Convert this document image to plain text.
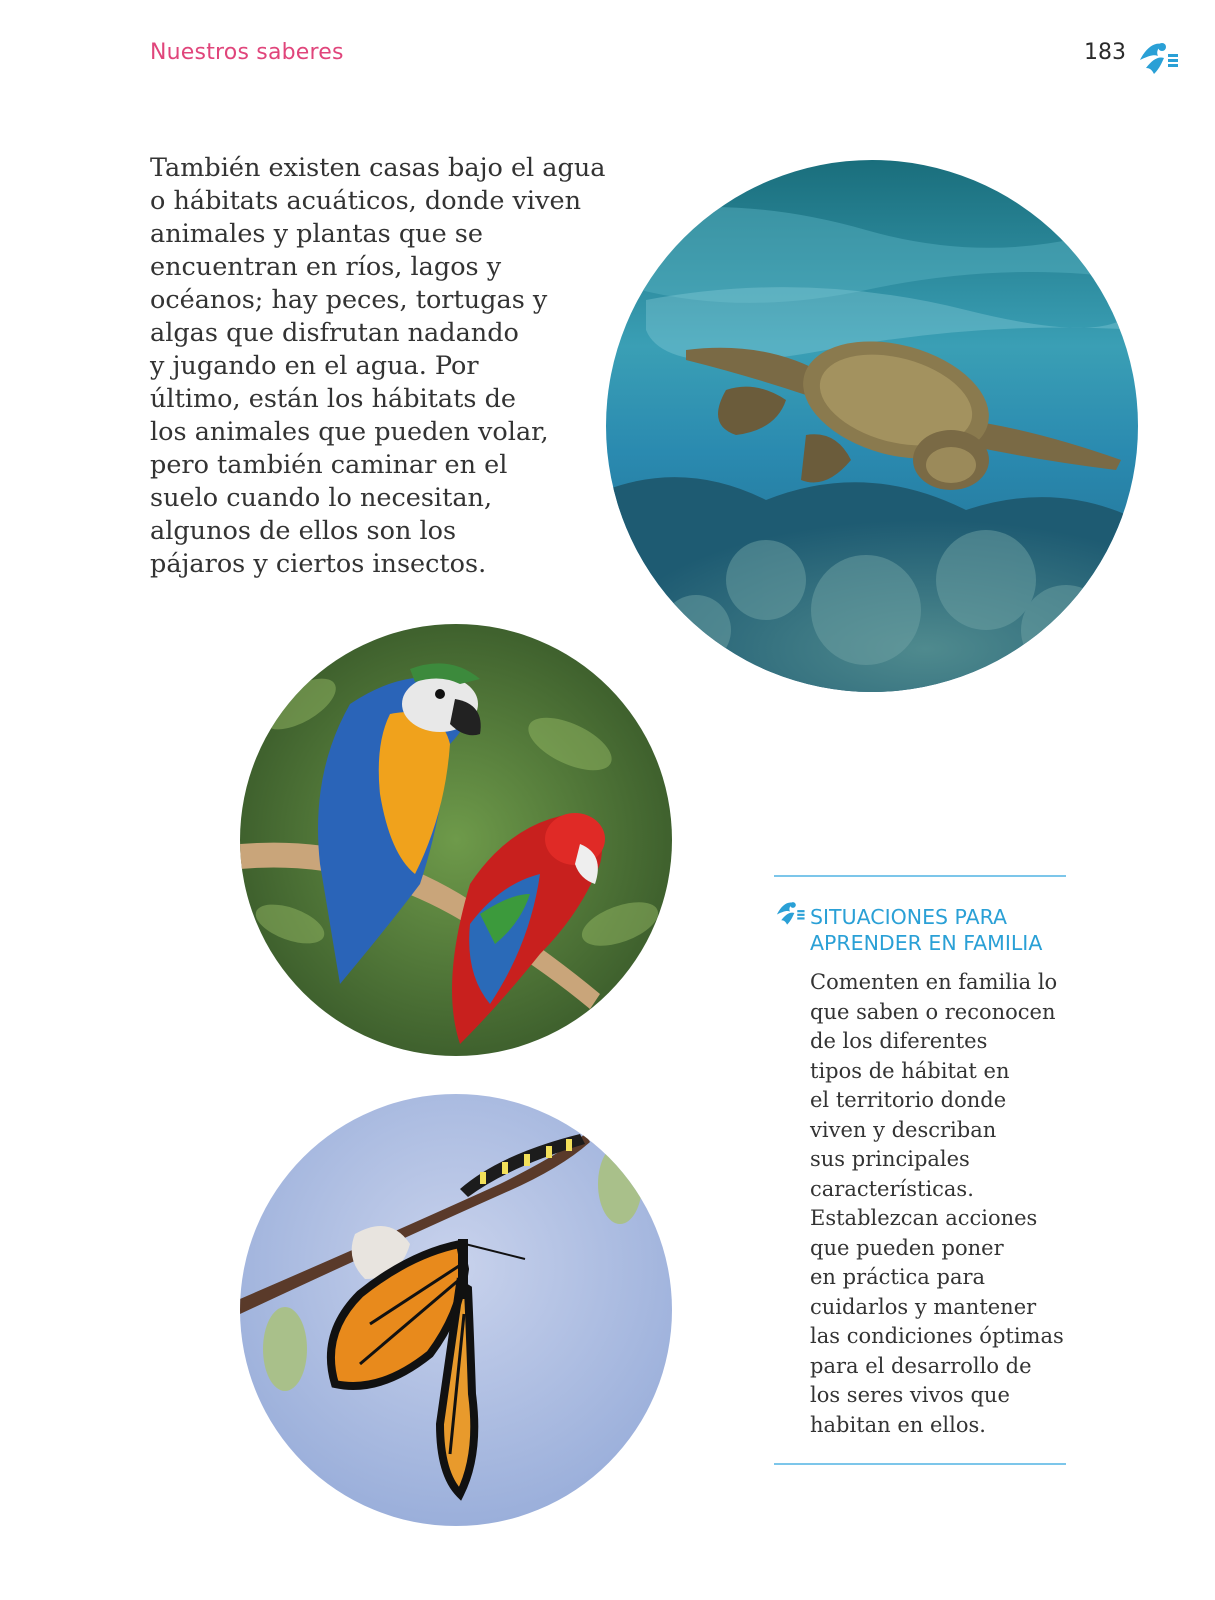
Nuestros saberes	183

También existen casas bajo el agua
o hábitats acuáticos, donde viven
animales y plantas que se
encuentran en ríos, lagos y
océanos; hay peces, tortugas y
algas que disfrutan nadando
y jugando en el agua. Por
último, están los hábitats de
los animales que pueden volar,
pero también caminar en el
suelo cuando lo necesitan,
algunos de ellos son los
pájaros y ciertos insectos.

SITUACIONES PARA
APRENDER EN FAMILIA

Comenten en familia lo
que saben o reconocen
de los diferentes
tipos de hábitat en
el territorio donde
viven y describan
sus principales
características.
Establezcan acciones
que pueden poner
en práctica para
cuidarlos y mantener
las condiciones óptimas
para el desarrollo de
los seres vivos que
habitan en ellos.
